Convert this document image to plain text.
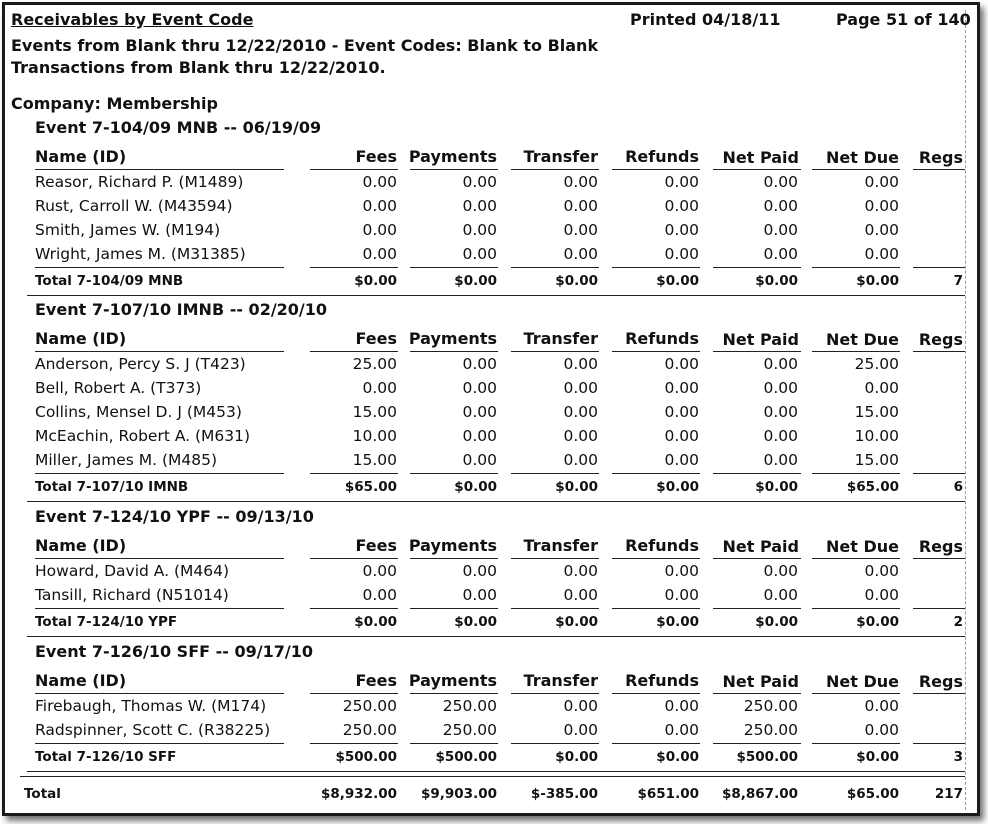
Receivables by Event Code	Printed 04/18/11	Page 51 of 140
Events from Blank thru 12/22/2010 - Event Codes: Blank to Blank
Transactions from Blank thru 12/22/2010.
Company: Membership
Event 7-104/09 MNB -- 06/19/09
Name (ID)	Fees Payments Transfer Refunds Net Paid Net Due Regs
Reasor, Richard P. (M1489)	0.00	0.00	0.00	0.00	0.00	0.00
Rust, Carroll W. (M43594)	0.00	0.00	0.00	0.00	0.00	0.00
Smith, James W. (M194)	0.00	0.00	0.00	0.00	0.00	0.00
Wright, James M. (M31385)	0.00	0.00	0.00	0.00	0.00	0.00
Total 7-104/09 MNB	$0.00	$0.00	$0.00	$0.00	$0.00	$0.00	7
Event 7-107/10 IMNB -- 02/20/10
Name (ID)	Fees Payments Transfer Refunds Net Paid Net Due Regs
Anderson, Percy S. J (T423)	25.00	0.00	0.00	0.00	0.00	25.00
Bell, Robert A. (T373)	0.00	0.00	0.00	0.00	0.00	0.00
Collins, Mensel D. J (M453)	15.00	0.00	0.00	0.00	0.00	15.00
McEachin, Robert A. (M631)	10.00	0.00	0.00	0.00	0.00	10.00
Miller, James M. (M485)	15.00	0.00	0.00	0.00	0.00	15.00
Total 7-107/10 IMNB	$65.00	$0.00	$0.00	$0.00	$0.00	$65.00	6
Event 7-124/10 YPF -- 09/13/10
Name (ID)	Fees Payments Transfer Refunds Net Paid Net Due Regs
Howard, David A. (M464)	0.00	0.00	0.00	0.00	0.00	0.00
Tansill, Richard (N51014)	0.00	0.00	0.00	0.00	0.00	0.00
Total 7-124/10 YPF	$0.00	$0.00	$0.00	$0.00	$0.00	$0.00	2
Event 7-126/10 SFF -- 09/17/10
Name (ID)	Fees Payments Transfer Refunds Net Paid Net Due Regs
Firebaugh, Thomas W. (M174)	250.00	250.00	0.00	0.00	250.00	0.00
Radspinner, Scott C. (R38225)	250.00	250.00	0.00	0.00	250.00	0.00
Total 7-126/10 SFF	$500.00	$500.00	$0.00	$0.00	$500.00	$0.00	3
Total	$8,932.00 $9,903.00	$-385.00	$651.00 $8,867.00	$65.00	217
